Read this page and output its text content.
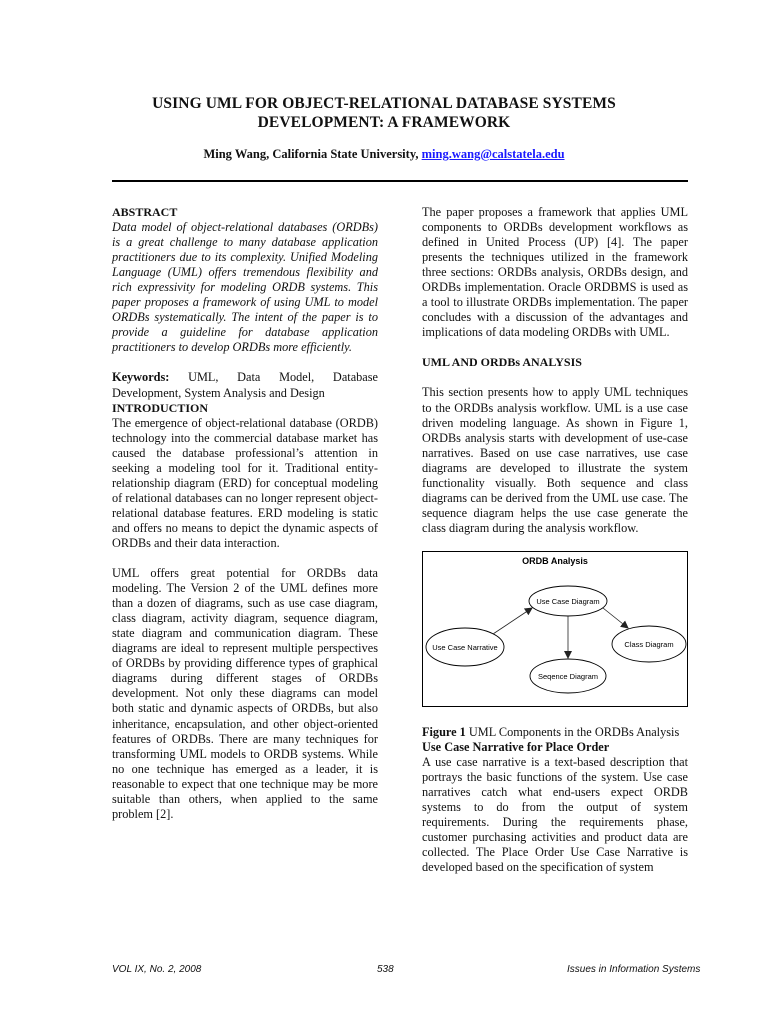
USING UML FOR OBJECT-RELATIONAL DATABASE SYSTEMS
DEVELOPMENT: A FRAMEWORK
Ming Wang, California State University, ming.wang@calstatela.edu

ABSTRACT

Data model of object-relational databases (ORDBs) is a great challenge to many database application practitioners due to its complexity. Unified Modeling Language (UML) offers tremendous flexibility and rich expressivity for modeling ORDB systems. This paper proposes a framework of using UML to model ORDBs systematically. The intent of the paper is to provide a guideline for database application practitioners to develop ORDBs more efficiently.

Keywords: UML, Data Model, Database Development, System Analysis and Design

INTRODUCTION

The emergence of object-relational database (ORDB) technology into the commercial database market has caused the database professional’s attention in seeking a modeling tool for it. Traditional entity-relationship diagram (ERD) for conceptual modeling of relational databases can no longer represent object-relational database features. ERD modeling is static and offers no means to depict the dynamic aspects of ORDBs and their data interaction.

UML offers great potential for ORDBs data modeling. The Version 2 of the UML defines more than a dozen of diagrams, such as use case diagram, class diagram, activity diagram, sequence diagram, state diagram and communication diagram. These diagrams are ideal to represent multiple perspectives of ORDBs by providing difference types of graphical diagrams during different stages of ORDBs development. Not only these diagrams can model both static and dynamic aspects of ORDBs, but also inheritance, encapsulation, and other object-oriented features of ORDBs. There are many techniques for transforming UML models to ORDB systems. While no one technique has emerged as a leader, it is reasonable to expect that one technique may be more suitable than others, when applied to the same problem [2].

The paper proposes a framework that applies UML components to ORDBs development workflows as defined in United Process (UP) [4]. The paper presents the techniques utilized in the framework three sections: ORDBs analysis, ORDBs design, and ORDBs implementation. Oracle ORDBMS is used as a tool to illustrate ORDBs implementation. The paper concludes with a discussion of the advantages and implications of data modeling ORDBs with UML.

UML AND ORDBs ANALYSIS

This section presents how to apply UML techniques to the ORDBs analysis workflow. UML is a use case driven modeling language. As shown in Figure 1, ORDBs analysis starts with development of use-case narratives. Based on use case narratives, use case diagrams are developed to illustrate the system functionality visually. Both sequence and class diagrams can be derived from the UML use case. The sequence diagram helps the use case generate the class diagram during the analysis workflow.

ORDB Analysis
Use Case Diagram
Use Case Narrative	Class Diagram
Seqence Diagram

Figure 1 UML Components in the ORDBs Analysis

Use Case Narrative for Place Order

A use case narrative is a text-based description that portrays the basic functions of the system. Use case narratives catch what end-users expect ORDB systems to do from the output of system requirements. During the requirements phase, customer purchasing activities and product data are collected. The Place Order Use Case Narrative is developed based on the specification of system

VOL IX, No. 2, 2008	538	Issues in Information Systems
